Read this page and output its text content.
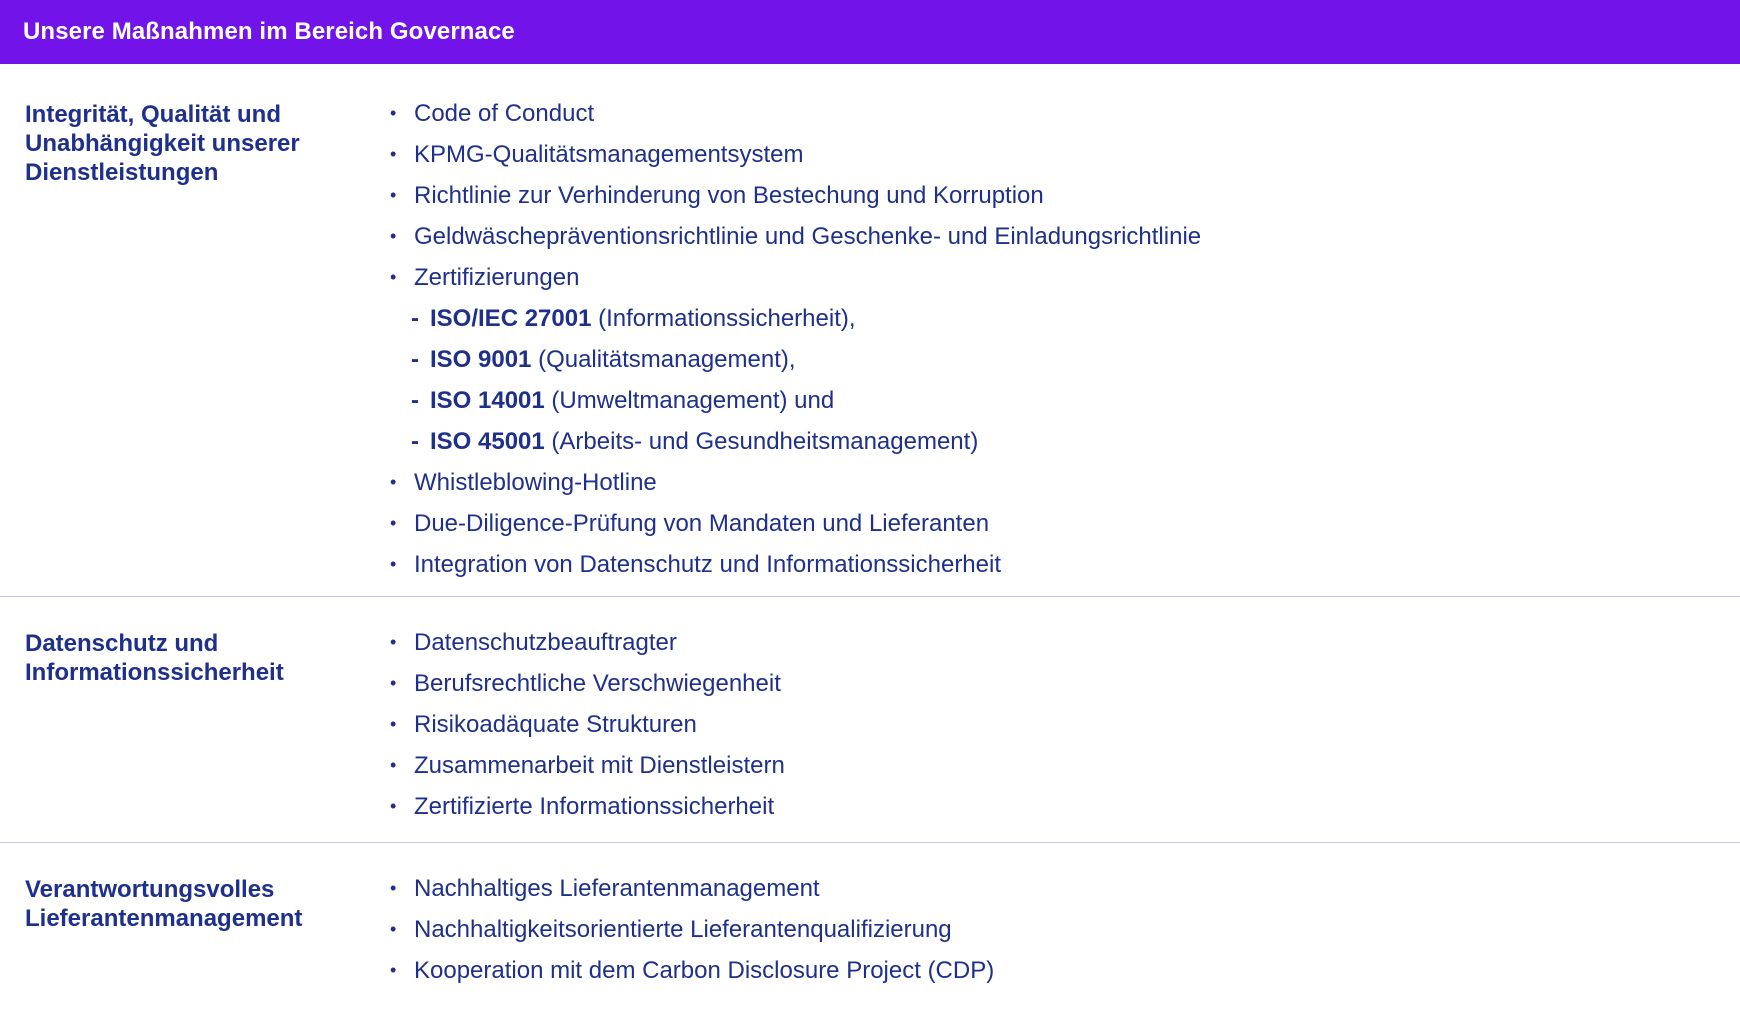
Unsere Maßnahmen im Bereich Governace

Integrität, Qualität und
Unabhängigkeit unserer
Dienstleistungen

• Code of Conduct
• KPMG-Qualitätsmanagementsystem
• Richtlinie zur Verhinderung von Bestechung und Korruption
• Geldwäschepräventionsrichtlinie und Geschenke- und Einladungsrichtlinie
• Zertifizierungen
- ISO/IEC 27001 (Informationssicherheit),
- ISO 9001 (Qualitätsmanagement),
- ISO 14001 (Umweltmanagement) und
- ISO 45001 (Arbeits- und Gesundheitsmanagement)
• Whistleblowing-Hotline
• Due-Diligence-Prüfung von Mandaten und Lieferanten
• Integration von Datenschutz und Informationssicherheit

Datenschutz und
Informationssicherheit

• Datenschutzbeauftragter
• Berufsrechtliche Verschwiegenheit
• Risikoadäquate Strukturen
• Zusammenarbeit mit Dienstleistern
• Zertifizierte Informationssicherheit

Verantwortungsvolles
Lieferantenmanagement

• Nachhaltiges Lieferantenmanagement
• Nachhaltigkeitsorientierte Lieferantenqualifizierung
• Kooperation mit dem Carbon Disclosure Project (CDP)
